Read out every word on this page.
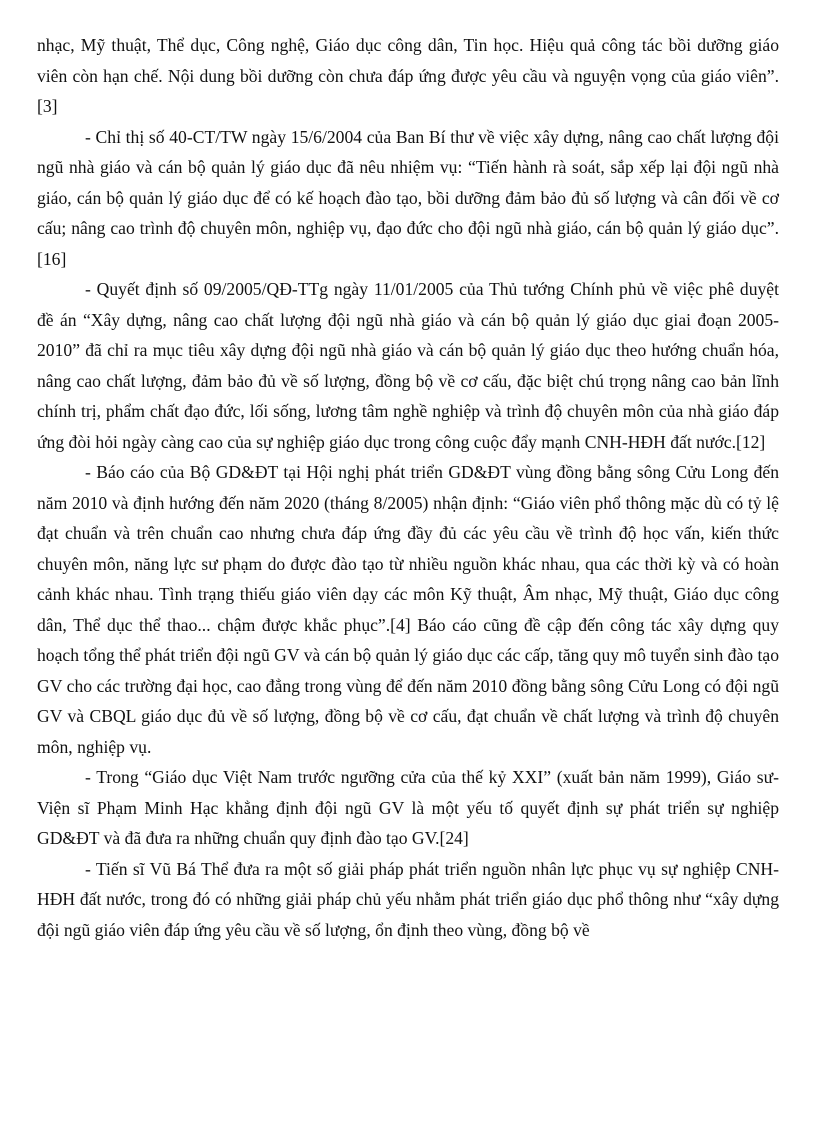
nhạc, Mỹ thuật, Thể dục, Công nghệ, Giáo dục công dân, Tin học. Hiệu quả công tác bồi dưỡng giáo viên còn hạn chế. Nội dung bồi dưỡng còn chưa đáp ứng được yêu cầu và nguyện vọng của giáo viên”.[3]

- Chỉ thị số 40-CT/TW ngày 15/6/2004 của Ban Bí thư về việc xây dựng, nâng cao chất lượng đội ngũ nhà giáo và cán bộ quản lý giáo dục đã nêu nhiệm vụ: “Tiến hành rà soát, sắp xếp lại đội ngũ nhà giáo, cán bộ quản lý giáo dục để có kế hoạch đào tạo, bồi dưỡng đảm bảo đủ số lượng và cân đối về cơ cấu; nâng cao trình độ chuyên môn, nghiệp vụ, đạo đức cho đội ngũ nhà giáo, cán bộ quản lý giáo dục”.[16]

- Quyết định số 09/2005/QĐ-TTg ngày 11/01/2005 của Thủ tướng Chính phủ về việc phê duyệt đề án “Xây dựng, nâng cao chất lượng đội ngũ nhà giáo và cán bộ quản lý giáo dục giai đoạn 2005-2010” đã chỉ ra mục tiêu xây dựng đội ngũ nhà giáo và cán bộ quản lý giáo dục theo hướng chuẩn hóa, nâng cao chất lượng, đảm bảo đủ về số lượng, đồng bộ về cơ cấu, đặc biệt chú trọng nâng cao bản lĩnh chính trị, phẩm chất đạo đức, lối sống, lương tâm nghề nghiệp và trình độ chuyên môn của nhà giáo đáp ứng đòi hỏi ngày càng cao của sự nghiệp giáo dục trong công cuộc đẩy mạnh CNH-HĐH đất nước.[12]

- Báo cáo của Bộ GD&ĐT tại Hội nghị phát triển GD&ĐT vùng đồng bằng sông Cửu Long đến năm 2010 và định hướng đến năm 2020 (tháng 8/2005) nhận định: “Giáo viên phổ thông mặc dù có tỷ lệ đạt chuẩn và trên chuẩn cao nhưng chưa đáp ứng đầy đủ các yêu cầu về trình độ học vấn, kiến thức chuyên môn, năng lực sư phạm do được đào tạo từ nhiều nguồn khác nhau, qua các thời kỳ và có hoàn cảnh khác nhau. Tình trạng thiếu giáo viên dạy các môn Kỹ thuật, Âm nhạc, Mỹ thuật, Giáo dục công dân, Thể dục thể thao... chậm được khắc phục”.[4] Báo cáo cũng đề cập đến công tác xây dựng quy hoạch tổng thể phát triển đội ngũ GV và cán bộ quản lý giáo dục các cấp, tăng quy mô tuyển sinh đào tạo GV cho các trường đại học, cao đẳng trong vùng để đến năm 2010 đồng bằng sông Cửu Long có đội ngũ GV và CBQL giáo dục đủ về số lượng, đồng bộ về cơ cấu, đạt chuẩn về chất lượng và trình độ chuyên môn, nghiệp vụ.

- Trong “Giáo dục Việt Nam trước ngưỡng cửa của thế kỷ XXI” (xuất bản năm 1999), Giáo sư- Viện sĩ Phạm Minh Hạc khẳng định đội ngũ GV là một yếu tố quyết định sự phát triển sự nghiệp GD&ĐT và đã đưa ra những chuẩn quy định đào tạo GV.[24]

- Tiến sĩ Vũ Bá Thể đưa ra một số giải pháp phát triển nguồn nhân lực phục vụ sự nghiệp CNH-HĐH đất nước, trong đó có những giải pháp chủ yếu nhằm phát triển giáo dục phổ thông như “xây dựng đội ngũ giáo viên đáp ứng yêu cầu về số lượng, ổn định theo vùng, đồng bộ về
